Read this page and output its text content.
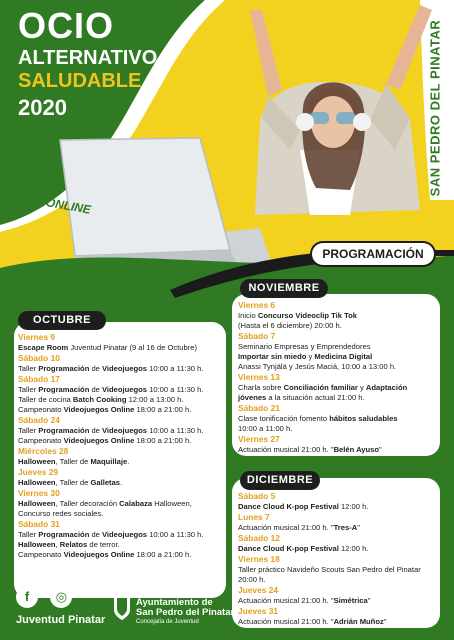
OCIO
ALTERNATIVO
SALUDABLE
2020	SAN PEDRO DEL PINATAR
100% ONLINE
PROGRAMACIÓN
OCTUBRE
NOVIEMBRE
DICIEMBRE
Viernes 9
Escape Room Juventud Pinatar (9 al 16 de Octubre)
Sábado 10
Taller Programación de Videojuegos 10:00 a 11:30 h.
Sábado 17
Taller Programación de Videojuegos 10:00 a 11:30 h.
Taller de cocina Batch Cooking 12:00 a 13:00 h.
Campeonato Videojuegos Online 18:00 a 21:00 h.
Sábado 24
Taller Programación de Videojuegos 10:00 a 11:30 h.
Campeonato Videojuegos Online 18:00 a 21:00 h.
Miércoles 28
Halloween, Taller de Maquillaje.
Jueves 29
Halloween, Taller de Galletas.
Viernes 30
Halloween, Taller decoración Calabaza Halloween,
Concurso redes sociales.
Sábado 31
Taller Programación de Videojuegos 10:00 a 11:30 h.
Halloween, Relatos de terror.
Campeonato Videojuegos Online 18:00 a 21:00 h.
Viernes 6
Inicio Concurso Videoclip Tik Tok
(Hasta el 6 diciembre) 20:00 h.
Sábado 7
Seminario Empresas y Emprendedores
Importar sin miedo y Medicina Digital
Anassi Tynjälä y Jesús Maciá, 10:00 a 13:00 h.
Viernes 13
Charla sobre Conciliación familiar y Adaptación
jóvenes a la situación actual 21:00 h.
Sábado 21
Clase tonificación fomento hábitos saludables
10:00 a 11:00 h.
Viernes 27
Actuación musical 21:00 h. "Belén Ayuso"
Sábado 5
Dance Cloud K-pop Festival 12:00 h.
Lunes 7
Actuación musical 21:00 h. "Tres-A"
Sábado 12
Dance Cloud K-pop Festival 12:00 h.
Viernes 18
Taller práctico Navideño Scouts San Pedro del Pinatar
20:00 h.
Jueves 24
Actuación musical 21:00 h. "Simétrica"
Jueves 31
Actuación musical 21:00 h. "Adrián Muñoz"
f ◎
Juventud Pinatar
Ayuntamiento de
San Pedro del Pinatar
Concejalía de Juventud
